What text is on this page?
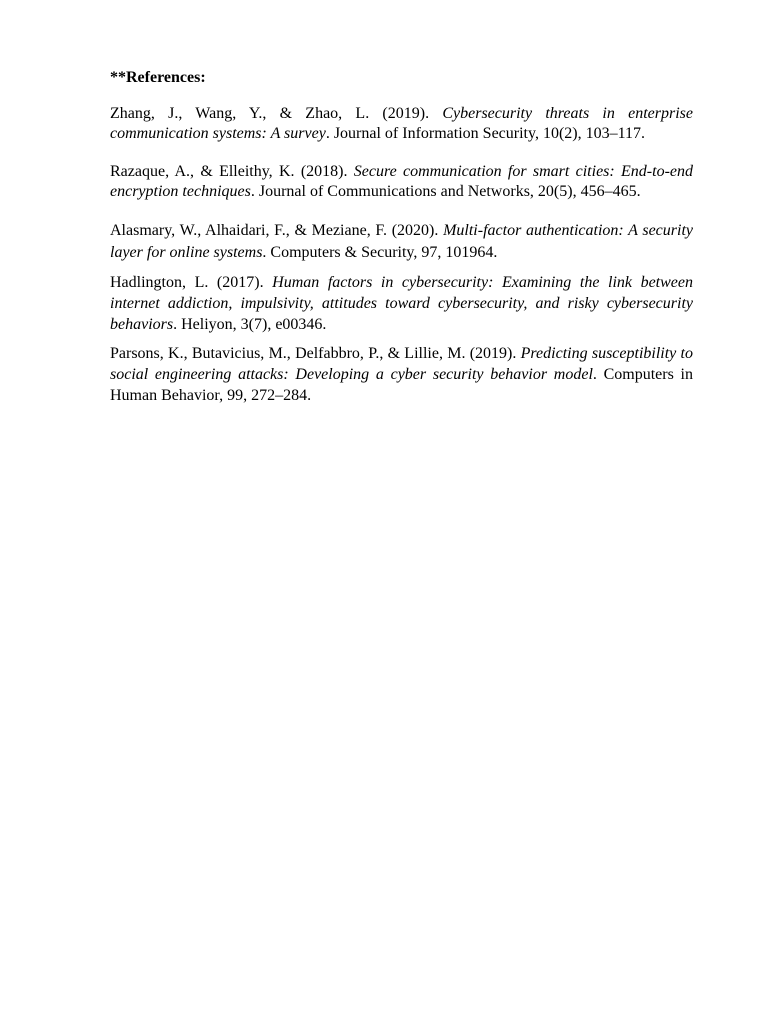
**References:

Zhang, J., Wang, Y., & Zhao, L. (2019). Cybersecurity threats in enterprise communication systems: A survey. Journal of Information Security, 10(2), 103–117.

Razaque, A., & Elleithy, K. (2018). Secure communication for smart cities: End-to-end encryption techniques. Journal of Communications and Networks, 20(5), 456–465.

Alasmary, W., Alhaidari, F., & Meziane, F. (2020). Multi-factor authentication: A security layer for online systems. Computers & Security, 97, 101964.

Hadlington, L. (2017). Human factors in cybersecurity: Examining the link between internet addiction, impulsivity, attitudes toward cybersecurity, and risky cybersecurity behaviors. Heliyon, 3(7), e00346.

Parsons, K., Butavicius, M., Delfabbro, P., & Lillie, M. (2019). Predicting susceptibility to social engineering attacks: Developing a cyber security behavior model. Computers in Human Behavior, 99, 272–284.
